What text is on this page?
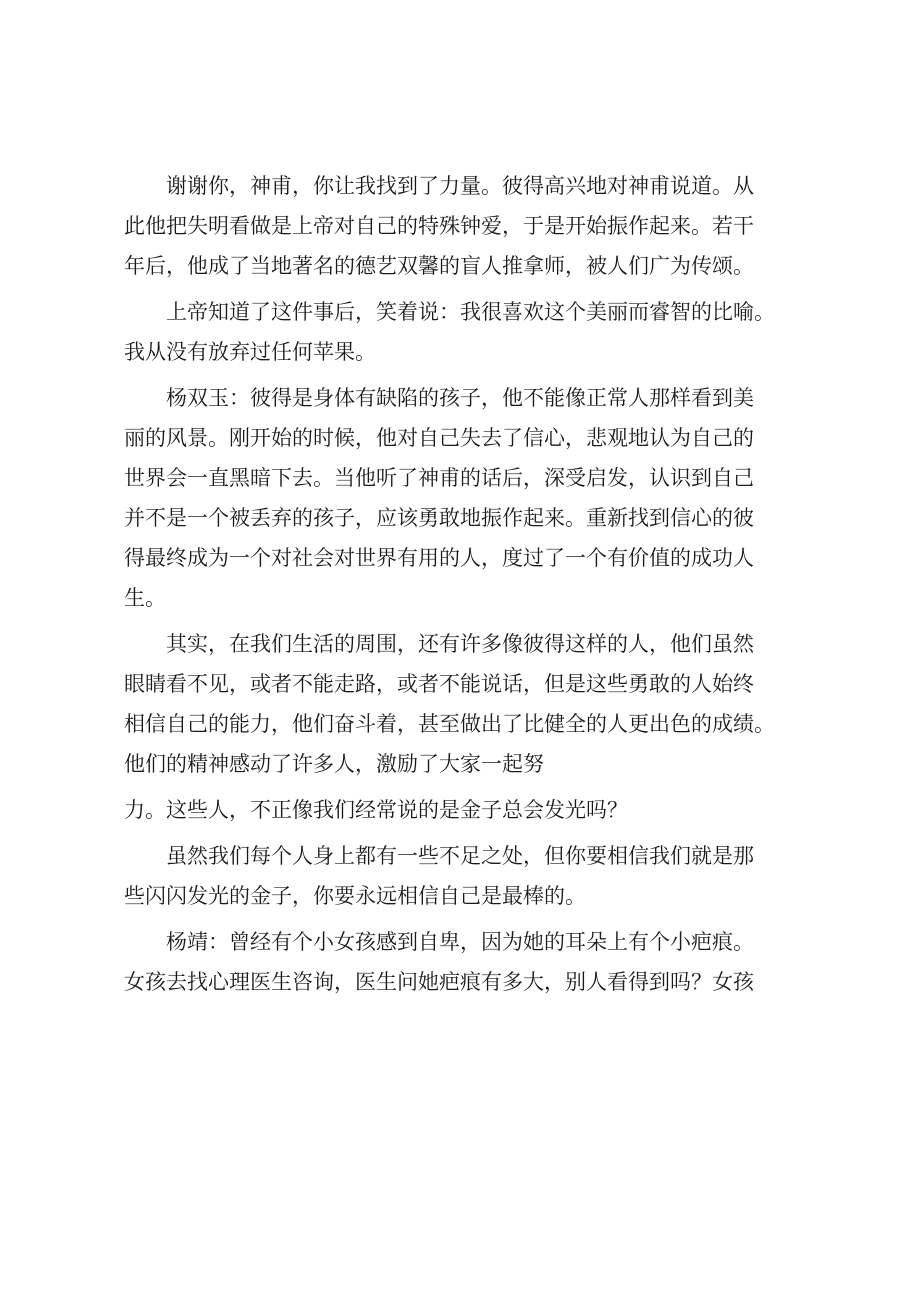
谢谢你，神甫，你让我找到了力量。彼得高兴地对神甫说道。从
此他把失明看做是上帝对自己的特殊钟爱，于是开始振作起来。若干
年后，他成了当地著名的德艺双馨的盲人推拿师，被人们广为传颂。

上帝知道了这件事后，笑着说：我很喜欢这个美丽而睿智的比喻。
我从没有放弃过任何苹果。

杨双玉：彼得是身体有缺陷的孩子，他不能像正常人那样看到美
丽的风景。刚开始的时候，他对自己失去了信心，悲观地认为自己的
世界会一直黑暗下去。当他听了神甫的话后，深受启发，认识到自己
并不是一个被丢弃的孩子，应该勇敢地振作起来。重新找到信心的彼
得最终成为一个对社会对世界有用的人，度过了一个有价值的成功人
生。

其实，在我们生活的周围，还有许多像彼得这样的人，他们虽然
眼睛看不见，或者不能走路，或者不能说话，但是这些勇敢的人始终
相信自己的能力，他们奋斗着，甚至做出了比健全的人更出色的成绩。
他们的精神感动了许多人，激励了大家一起努

力。这些人，不正像我们经常说的是金子总会发光吗？

虽然我们每个人身上都有一些不足之处，但你要相信我们就是那
些闪闪发光的金子，你要永远相信自己是最棒的。

杨靖：曾经有个小女孩感到自卑，因为她的耳朵上有个小疤痕。
女孩去找心理医生咨询，医生问她疤痕有多大，别人看得到吗？女孩
